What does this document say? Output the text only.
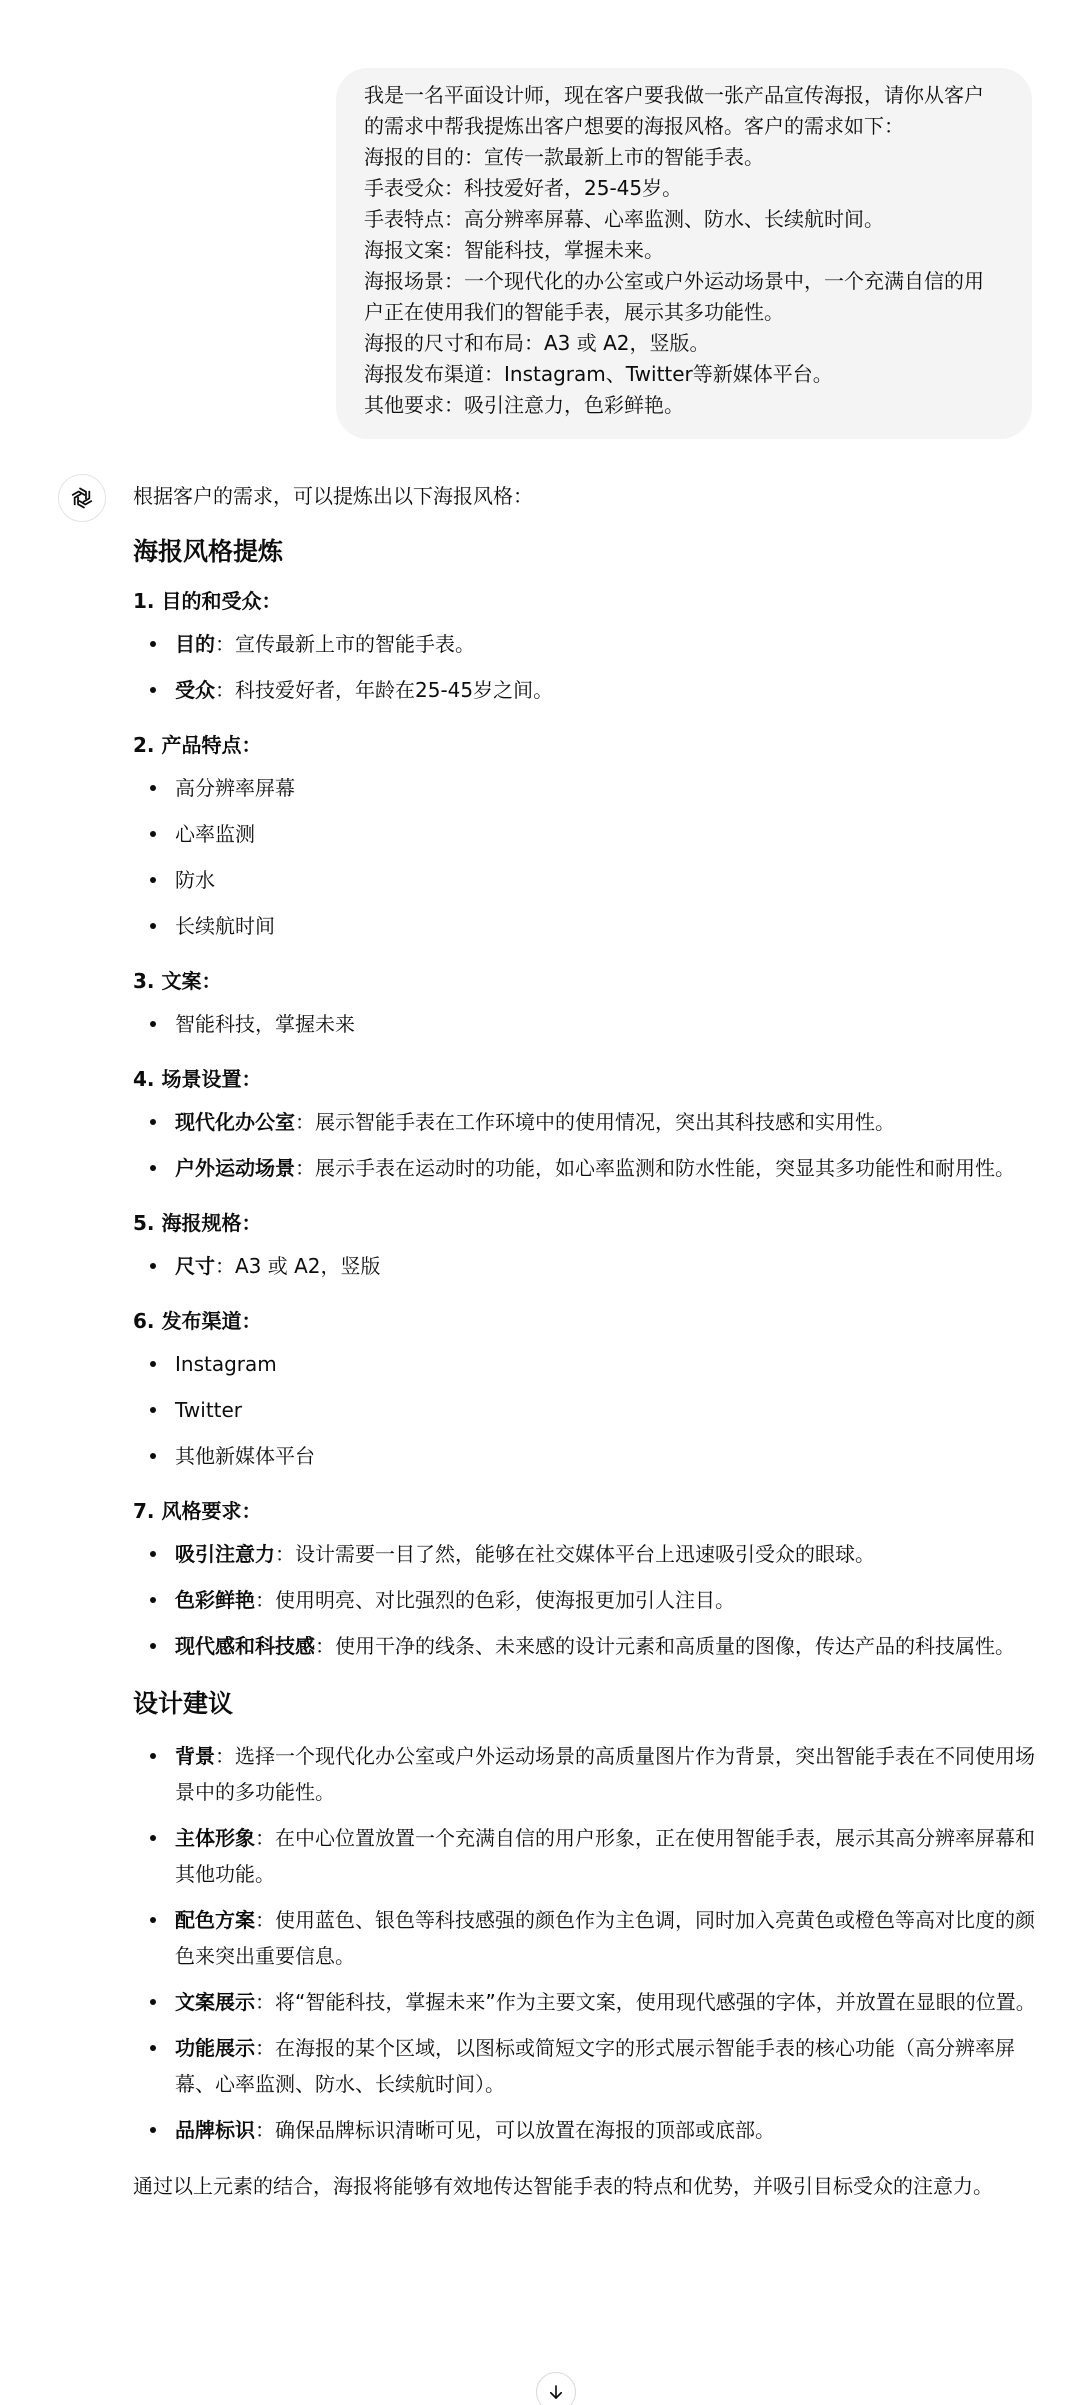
我是一名平面设计师，现在客户要我做一张产品宣传海报，请你从客户

的需求中帮我提炼出客户想要的海报风格。客户的需求如下：

海报的目的：宣传一款最新上市的智能手表。

手表受众：科技爱好者，25-45岁。

手表特点：高分辨率屏幕、心率监测、防水、长续航时间。

海报文案：智能科技，掌握未来。

海报场景：一个现代化的办公室或户外运动场景中，一个充满自信的用

户正在使用我们的智能手表，展示其多功能性。

海报的尺寸和布局：A3 或 A2，竖版。

海报发布渠道：Instagram、Twitter等新媒体平台。

其他要求：吸引注意力，色彩鲜艳。

根据客户的需求，可以提炼出以下海报风格：

海报风格提炼

1. 目的和受众：

目的：宣传最新上市的智能手表。
受众：科技爱好者，年龄在25-45岁之间。

2. 产品特点：

高分辨率屏幕
心率监测
防水
长续航时间

3. 文案：

智能科技，掌握未来

4. 场景设置：

现代化办公室：展示智能手表在工作环境中的使用情况，突出其科技感和实用性。
户外运动场景：展示手表在运动时的功能，如心率监测和防水性能，突显其多功能性和耐用性。

5. 海报规格：

尺寸：A3 或 A2，竖版

6. 发布渠道：

Instagram
Twitter
其他新媒体平台

7. 风格要求：

吸引注意力：设计需要一目了然，能够在社交媒体平台上迅速吸引受众的眼球。
色彩鲜艳：使用明亮、对比强烈的色彩，使海报更加引人注目。
现代感和科技感：使用干净的线条、未来感的设计元素和高质量的图像，传达产品的科技属性。
设计建议
背景：选择一个现代化办公室或户外运动场景的高质量图片作为背景，突出智能手表在不同使用场景中的多功能性。
主体形象：在中心位置放置一个充满自信的用户形象，正在使用智能手表，展示其高分辨率屏幕和其他功能。
配色方案：使用蓝色、银色等科技感强的颜色作为主色调，同时加入亮黄色或橙色等高对比度的颜色来突出重要信息。
文案展示：将“智能科技，掌握未来”作为主要文案，使用现代感强的字体，并放置在显眼的位置。
功能展示：在海报的某个区域，以图标或简短文字的形式展示智能手表的核心功能（高分辨率屏幕、心率监测、防水、长续航时间）。
品牌标识：确保品牌标识清晰可见，可以放置在海报的顶部或底部。

通过以上元素的结合，海报将能够有效地传达智能手表的特点和优势，并吸引目标受众的注意力。
